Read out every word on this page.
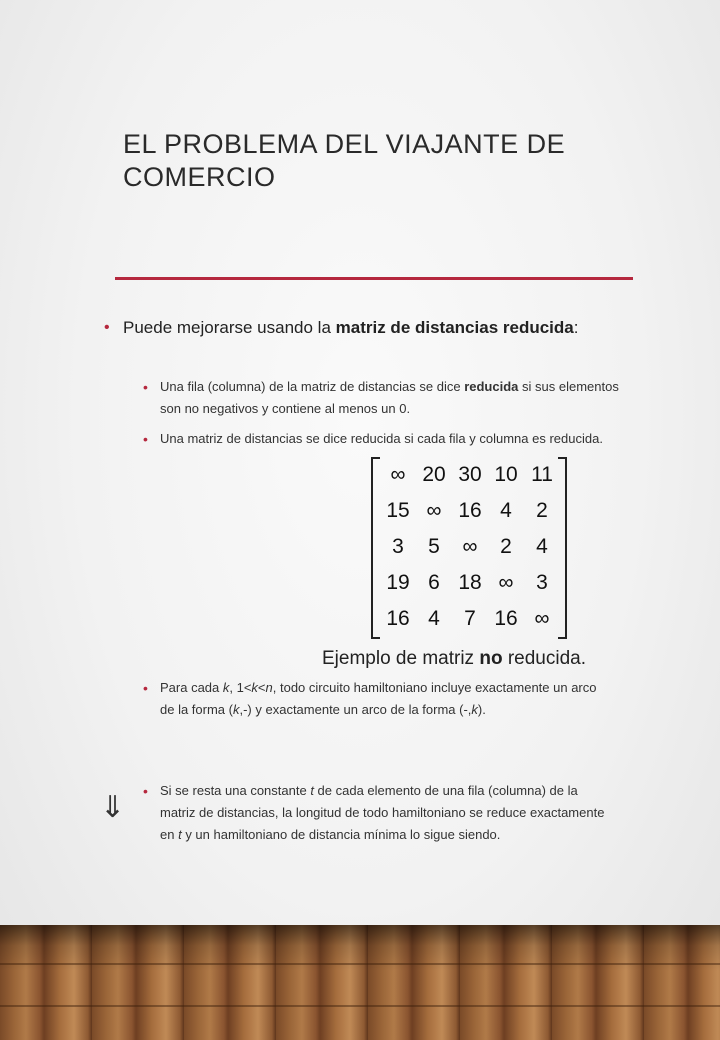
EL PROBLEMA DEL VIAJANTE DE COMERCIO
• Puede mejorarse usando la matriz de distancias reducida:
• Una fila (columna) de la matriz de distancias se dice reducida si sus elementos son no negativos y contiene al menos un 0.
• Una matriz de distancias se dice reducida si cada fila y columna es reducida.
∞ 20 30 10 11
15 ∞ 16 4	2
3	5	∞	2	4
19 6 18 ∞	3
16 4	7 16 ∞
Ejemplo de matriz no reducida.
• Para cada k, 1<k<n, todo circuito hamiltoniano incluye exactamente un arco de la forma (k,-) y exactamente un arco de la forma (-,k).
• Si se resta una constante t de cada elemento de una fila (columna) de la matriz de distancias, la longitud de todo hamiltoniano se reduce exactamente en t y un hamiltoniano de distancia mínima lo sigue siendo.
⇓
